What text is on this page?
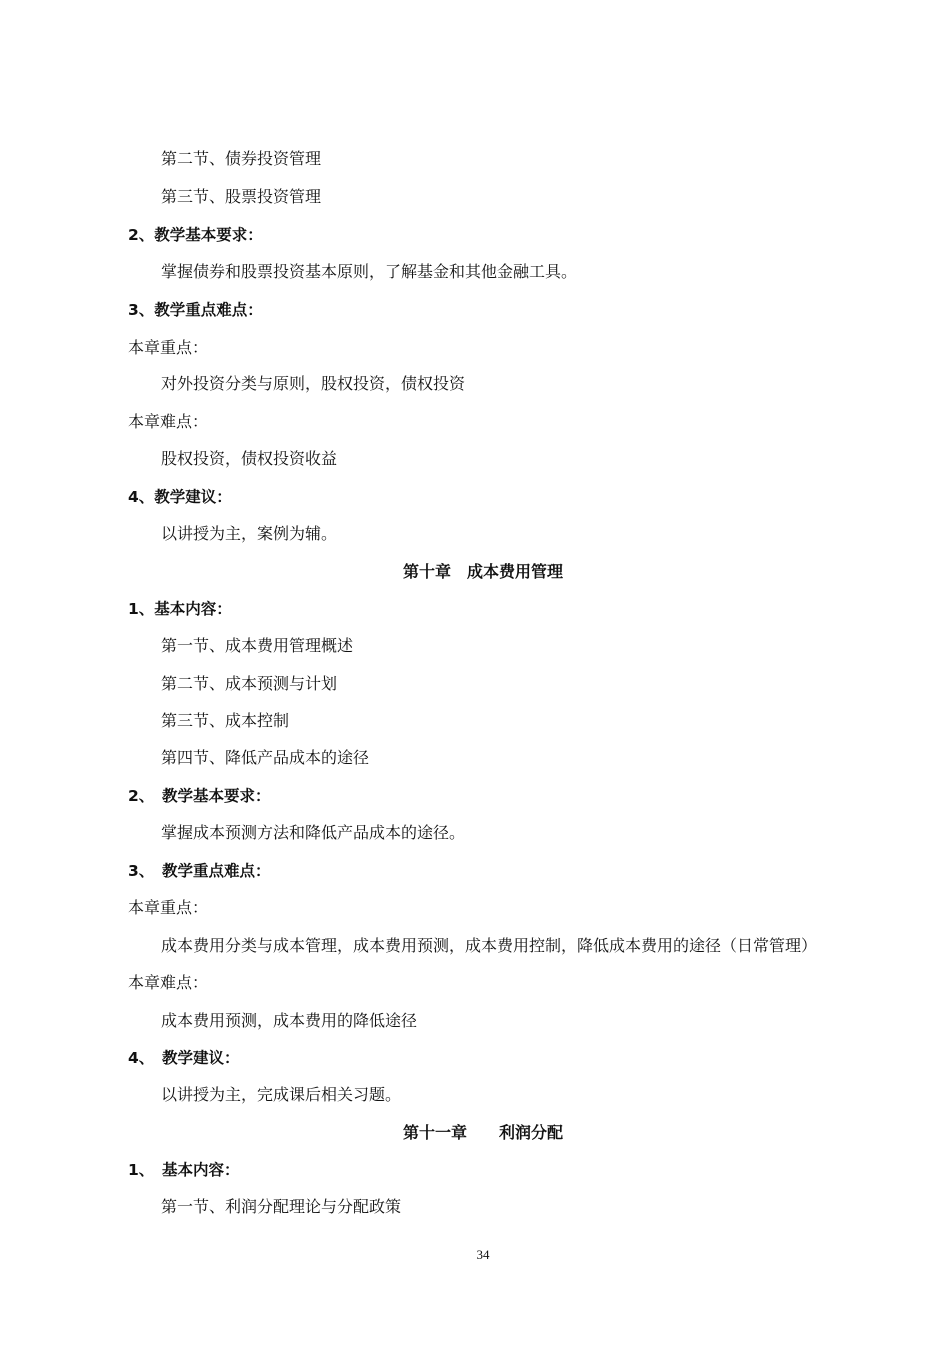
第二节、债券投资管理
第三节、股票投资管理
2、教学基本要求：
掌握债券和股票投资基本原则，了解基金和其他金融工具。
3、教学重点难点：
本章重点：
对外投资分类与原则，股权投资，债权投资
本章难点：
股权投资，债权投资收益
4、教学建议：
以讲授为主，案例为辅。
第十章　成本费用管理
1、基本内容：
第一节、成本费用管理概述
第二节、成本预测与计划
第三节、成本控制
第四节、降低产品成本的途径
2、　教学基本要求：
掌握成本预测方法和降低产品成本的途径。
3、　教学重点难点：
本章重点：
成本费用分类与成本管理，成本费用预测，成本费用控制，降低成本费用的途径（日常管理）
本章难点：
成本费用预测，成本费用的降低途径
4、　教学建议：
以讲授为主，完成课后相关习题。
第十一章　　利润分配
1、　基本内容：
第一节、利润分配理论与分配政策
34
